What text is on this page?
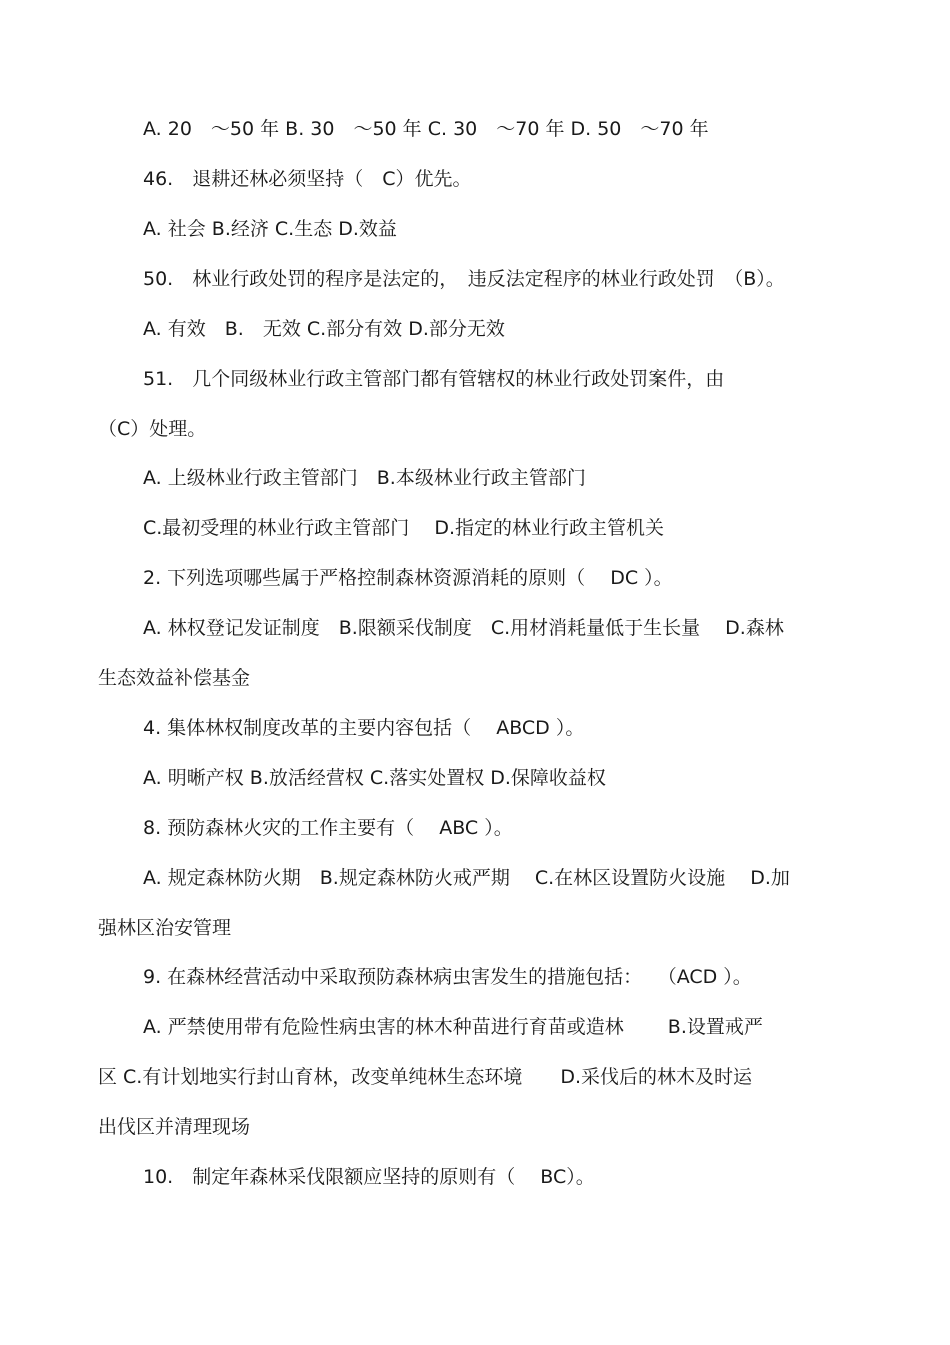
A. 20　～50 年 B. 30　～50 年 C. 30　～70 年 D. 50　～70 年
46.　退耕还林必须坚持（　C）优先。
A. 社会 B.经济 C.生态 D.效益
50.　林业行政处罚的程序是法定的，　违反法定程序的林业行政处罚　（B）。
A. 有效　B.　无效 C.部分有效 D.部分无效
51.　几个同级林业行政主管部门都有管辖权的林业行政处罚案件，由
（C）处理。
A. 上级林业行政主管部门　B.本级林业行政主管部门
C.最初受理的林业行政主管部门　 D.指定的林业行政主管机关
2. 下列选项哪些属于严格控制森林资源消耗的原则（　 DC ）。
A. 林权登记发证制度　B.限额采伐制度　C.用材消耗量低于生长量　 D.森林
生态效益补偿基金
4. 集体林权制度改革的主要内容包括（　 ABCD ）。
A. 明晰产权 B.放活经营权 C.落实处置权 D.保障收益权
8. 预防森林火灾的工作主要有（　 ABC ）。
A. 规定森林防火期　B.规定森林防火戒严期　 C.在林区设置防火设施　 D.加
强林区治安管理
9. 在森林经营活动中采取预防森林病虫害发生的措施包括：　 （ACD ）。
A. 严禁使用带有危险性病虫害的林木种苗进行育苗或造林　　 B.设置戒严
区 C.有计划地实行封山育林，改变单纯林生态环境　　D.采伐后的林木及时运
出伐区并清理现场
10.　制定年森林采伐限额应坚持的原则有（　 BC）。
